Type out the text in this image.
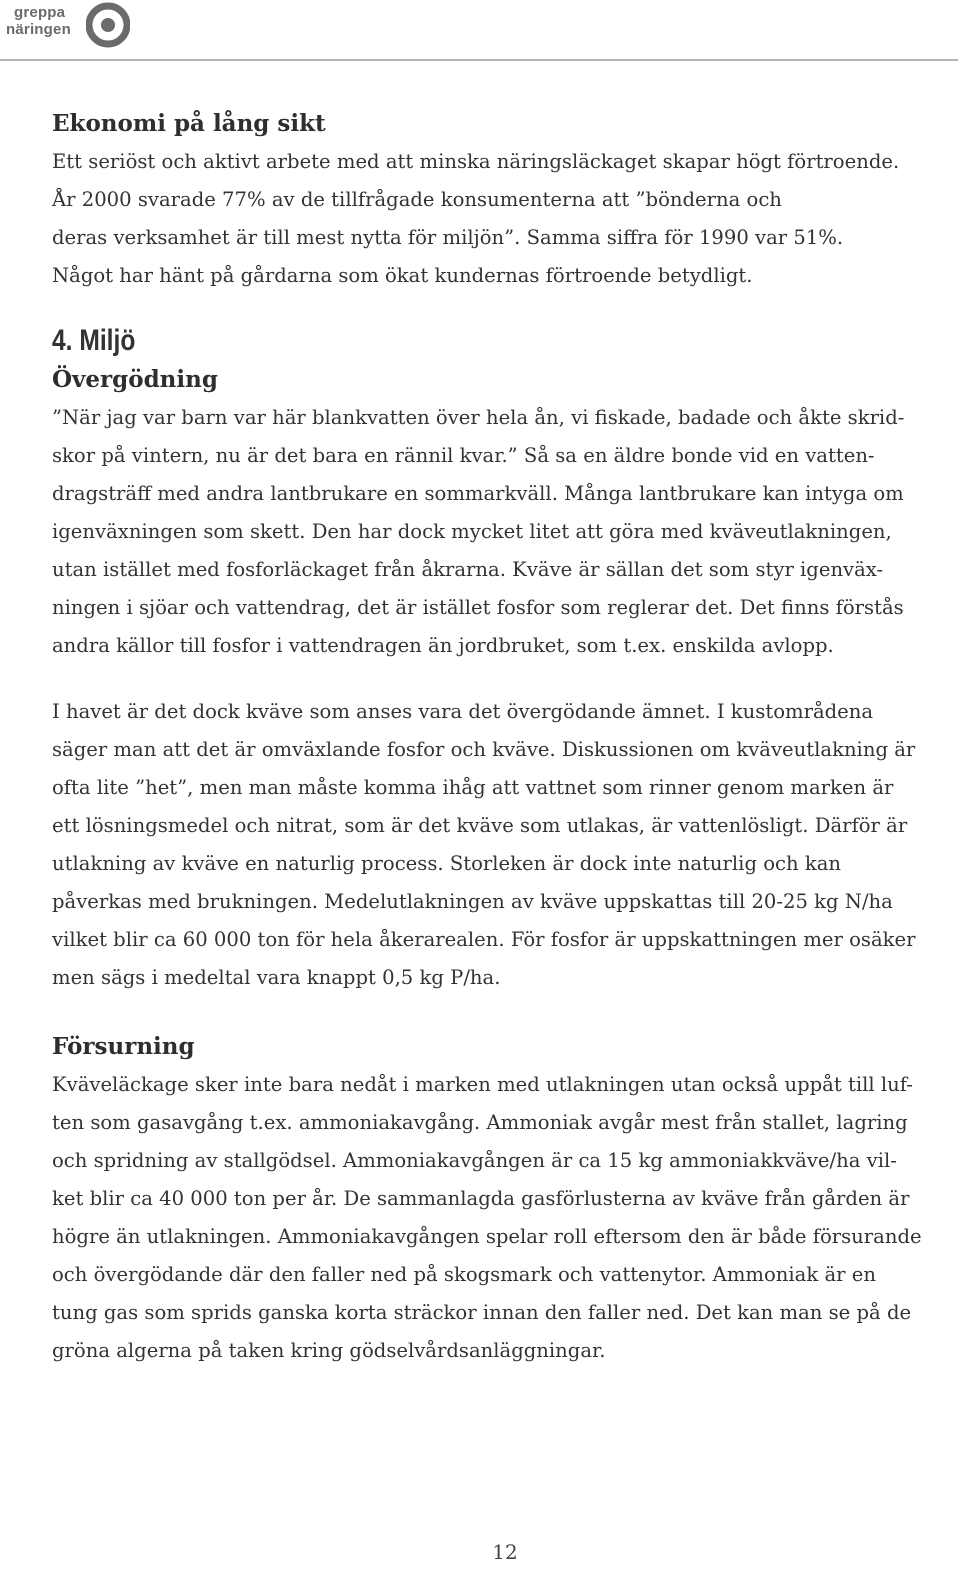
greppa
näringen
Ekonomi på lång sikt

Ett seriöst och aktivt arbete med att minska näringsläckaget skapar högt förtroende.

År 2000 svarade 77% av de tillfrågade konsumenterna att ”bönderna och

deras verksamhet är till mest nytta för miljön”. Samma siffra för 1990 var 51%.

Något har hänt på gårdarna som ökat kundernas förtroende betydligt.

4. Miljö
Övergödning

”När jag var barn var här blankvatten över hela ån, vi fiskade, badade och åkte skrid-

skor på vintern, nu är det bara en rännil kvar.” Så sa en äldre bonde vid en vatten-

dragsträff med andra lantbrukare en sommarkväll. Många lantbrukare kan intyga om

igenväxningen som skett. Den har dock mycket litet att göra med kväveutlakningen,

utan istället med fosforläckaget från åkrarna. Kväve är sällan det som styr igenväx-

ningen i sjöar och vattendrag, det är istället fosfor som reglerar det. Det finns förstås

andra källor till fosfor i vattendragen än jordbruket, som t.ex. enskilda avlopp.

I havet är det dock kväve som anses vara det övergödande ämnet. I kustområdena

säger man att det är omväxlande fosfor och kväve. Diskussionen om kväveutlakning är

ofta lite ”het”, men man måste komma ihåg att vattnet som rinner genom marken är

ett lösningsmedel och nitrat, som är det kväve som utlakas, är vattenlösligt. Därför är

utlakning av kväve en naturlig process. Storleken är dock inte naturlig och kan

påverkas med brukningen. Medelutlakningen av kväve uppskattas till 20-25 kg N/ha

vilket blir ca 60 000 ton för hela åkerarealen. För fosfor är uppskattningen mer osäker

men sägs i medeltal vara knappt 0,5 kg P/ha.

Försurning

Kväveläckage sker inte bara nedåt i marken med utlakningen utan också uppåt till luf-

ten som gasavgång t.ex. ammoniakavgång. Ammoniak avgår mest från stallet, lagring

och spridning av stallgödsel. Ammoniakavgången är ca 15 kg ammoniakkväve/ha vil-

ket blir ca 40 000 ton per år. De sammanlagda gasförlusterna av kväve från gården är

högre än utlakningen. Ammoniakavgången spelar roll eftersom den är både försurande

och övergödande där den faller ned på skogsmark och vattenytor. Ammoniak är en

tung gas som sprids ganska korta sträckor innan den faller ned. Det kan man se på de

gröna algerna på taken kring gödselvårdsanläggningar.

12
